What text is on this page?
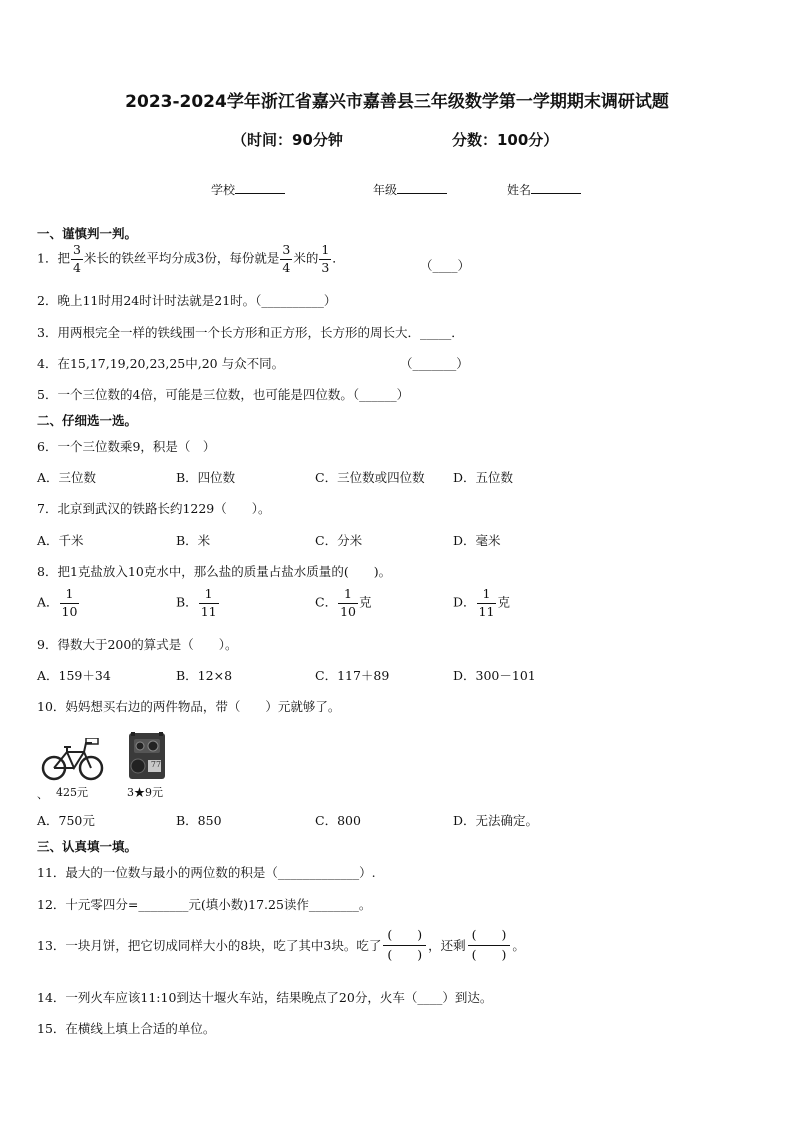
2023-2024学年浙江省嘉兴市嘉善县三年级数学第一学期期末调研试题
（时间：90分钟	分数：100分）
学校	年级	姓名
一、谨慎判一判。
1．把 $\frac{3}{4}$ 米长的铁丝平均分成3份，每份就是 $\frac{3}{4}$ 米的 $\frac{1}{3}$ ．	（____）
2．晚上11时用24时计时法就是21时。（__________）
3．用两根完全一样的铁线围一个长方形和正方形，长方形的周长大．_____．
4．在15,17,19,20,23,25中,20 与众不同。	（_______）
5．一个三位数的4倍，可能是三位数，也可能是四位数。（______）
二、仔细选一选。
6．一个三位数乘9，积是（　）
A．三位数	B．四位数	C．三位数或四位数 D．五位数
7．北京到武汉的铁路长约1229（　　）。
A．千米	B．米	C．分米	D．毫米
8．把1克盐放入10克水中，那么盐的质量占盐水质量的(　　)。
A． $\frac{1}{10}$	B． $\frac{1}{11}$	C． $\frac{1}{10}$ 克	D． $\frac{1}{11}$ 克
9．得数大于200的算式是（　　）。
A．159＋34	B．12×8	C．117＋89	D．300－101
10．妈妈想买右边的两件物品，带（　　）元就够了。
425元
、
77
3★9元
A．750元	B．850	C．800	D．无法确定。
三、认真填一填。
11．最大的一位数与最小的两位数的积是（_____________）.
12．十元零四分=________元(填小数)17.25读作________。
13．一块月饼，把它切成同样大小的8块，吃了其中3块。吃了
(　　)
(　　)
，还剩
(　　)
(　　)
。
14．一列火车应该11:10到达十堰火车站，结果晚点了20分，火车（____）到达。
15．在横线上填上合适的单位。
